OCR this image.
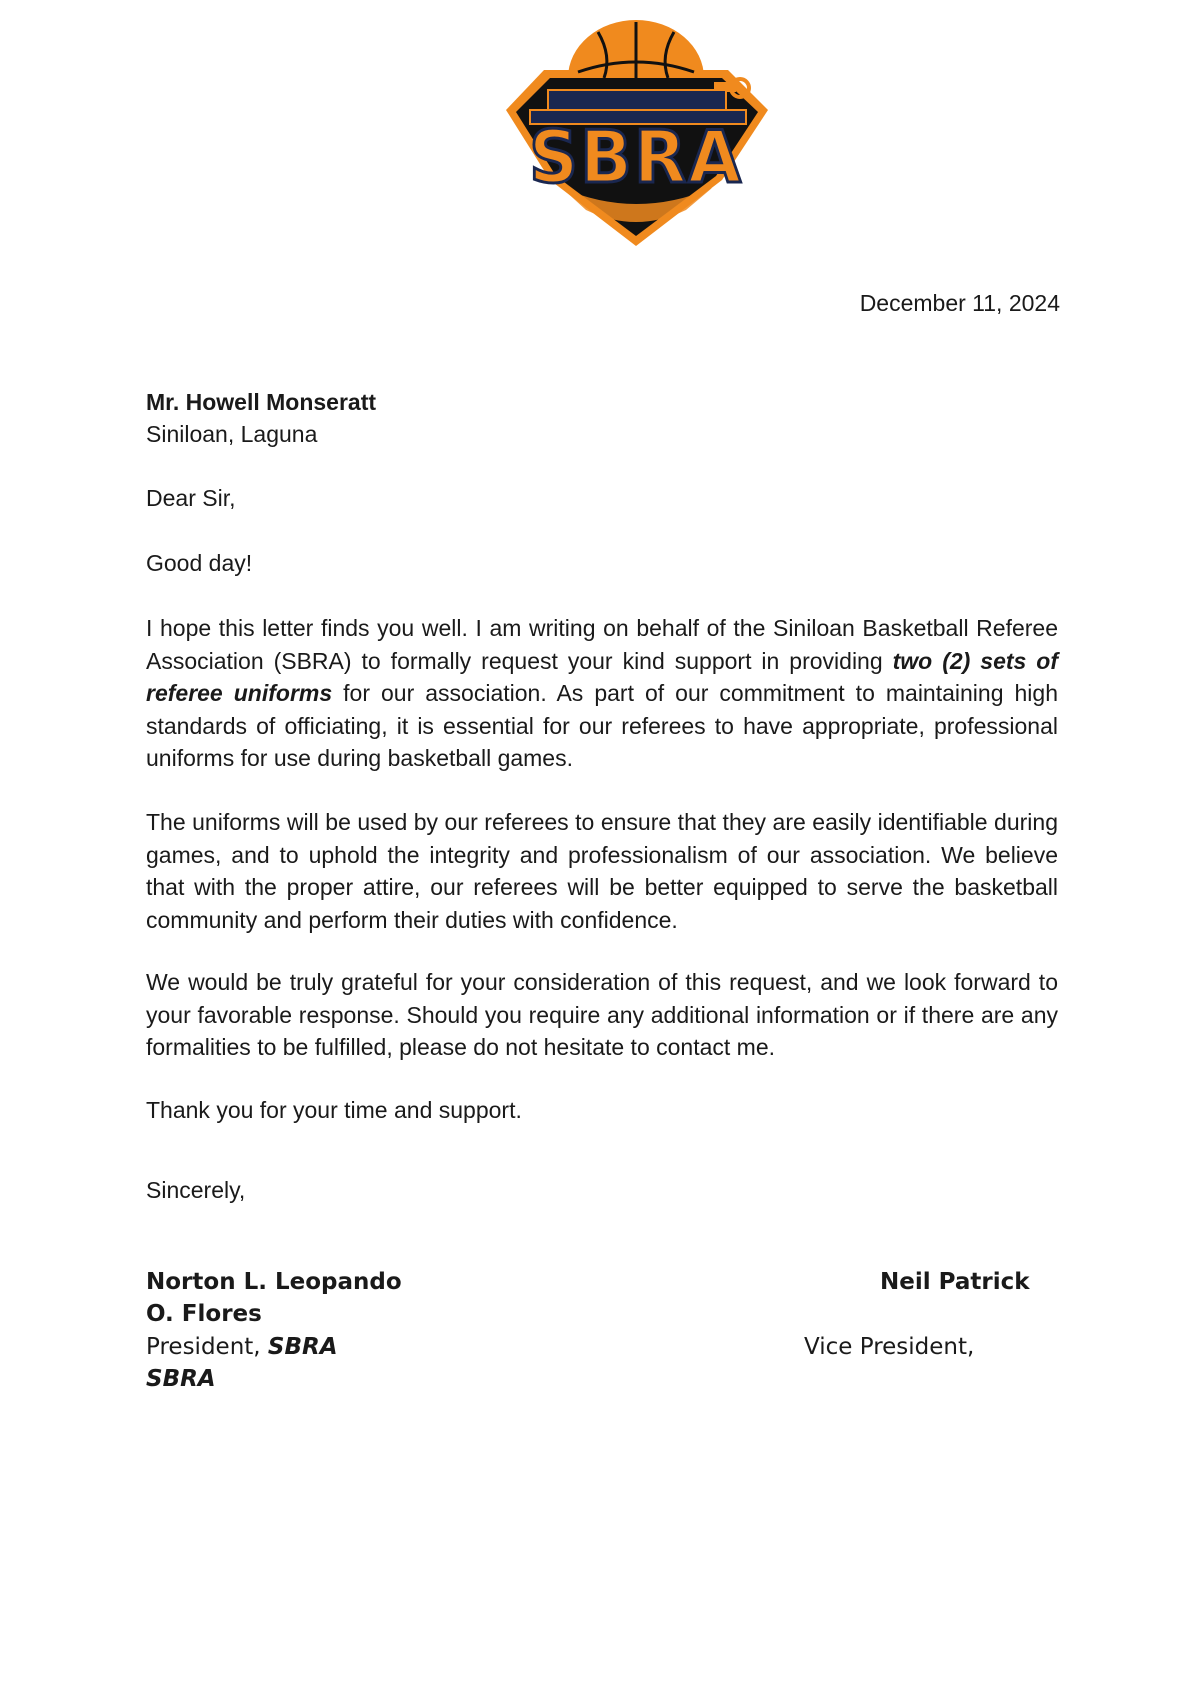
SBRA
December 11, 2024
Mr. Howell Monseratt
Siniloan, Laguna
Dear Sir,
Good day!
I hope this letter finds you well. I am writing on behalf of the Siniloan Basketball Referee Association (SBRA) to formally request your kind support in providing two (2) sets of referee uniforms for our association. As part of our commitment to maintaining high standards of officiating, it is essential for our referees to have appropriate, professional uniforms for use during basketball games.
The uniforms will be used by our referees to ensure that they are easily identifiable during games, and to uphold the integrity and professionalism of our association. We believe that with the proper attire, our referees will be better equipped to serve the basketball community and perform their duties with confidence.
We would be truly grateful for your consideration of this request, and we look forward to your favorable response. Should you require any additional information or if there are any formalities to be fulfilled, please do not hesitate to contact me.
Thank you for your time and support.
Sincerely,
Norton L. Leopando
O. Flores
President, SBRA
SBRA
Neil Patrick
Vice President,
